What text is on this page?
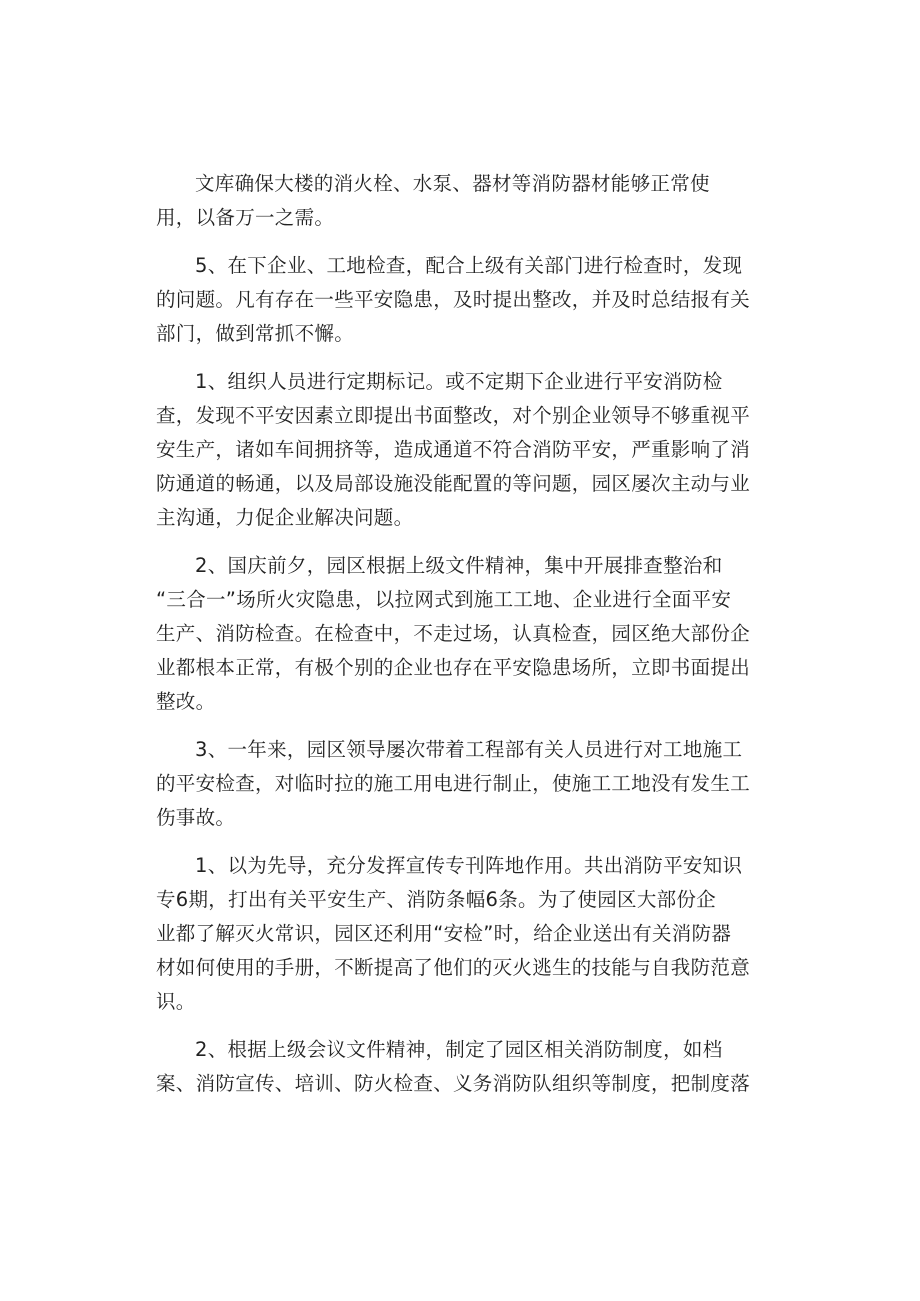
文库确保大楼的消火栓、水泵、器材等消防器材能够正常使
用，以备万一之需。

5、在下企业、工地检查，配合上级有关部门进行检查时，发现
的问题。凡有存在一些平安隐患，及时提出整改，并及时总结报有关
部门，做到常抓不懈。

1、组织人员进行定期标记。或不定期下企业进行平安消防检
查，发现不平安因素立即提出书面整改，对个别企业领导不够重视平
安生产，诸如车间拥挤等，造成通道不符合消防平安，严重影响了消
防通道的畅通，以及局部设施没能配置的等问题，园区屡次主动与业
主沟通，力促企业解决问题。

2、国庆前夕，园区根据上级文件精神，集中开展排查整治和
“三合一”场所火灾隐患，以拉网式到施工工地、企业进行全面平安
生产、消防检查。在检查中，不走过场，认真检查，园区绝大部份企
业都根本正常，有极个别的企业也存在平安隐患场所，立即书面提出
整改。

3、一年来，园区领导屡次带着工程部有关人员进行对工地施工
的平安检查，对临时拉的施工用电进行制止，使施工工地没有发生工
伤事故。

1、以为先导，充分发挥宣传专刊阵地作用。共出消防平安知识
专6期，打出有关平安生产、消防条幅6条。为了使园区大部份企
业都了解灭火常识，园区还利用“安检”时，给企业送出有关消防器
材如何使用的手册，不断提高了他们的灭火逃生的技能与自我防范意
识。

2、根据上级会议文件精神，制定了园区相关消防制度，如档
案、消防宣传、培训、防火检查、义务消防队组织等制度，把制度落
